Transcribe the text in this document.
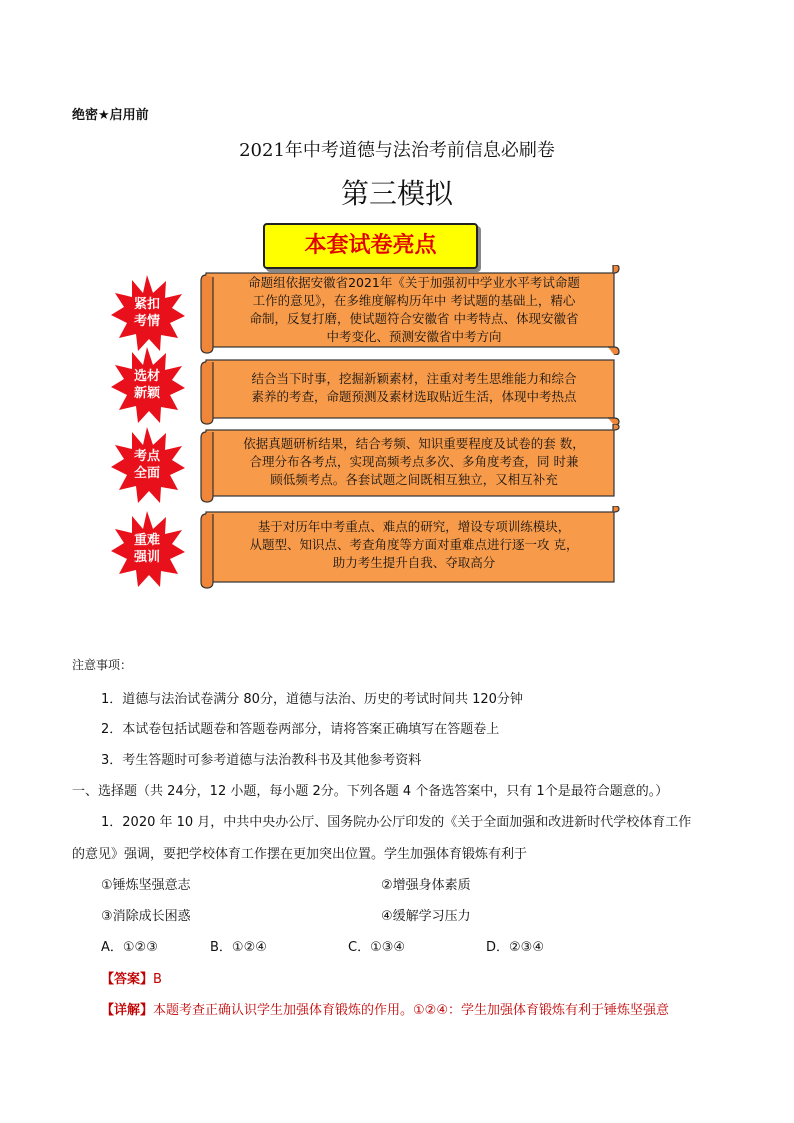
绝密★启用前
2021年中考道德与法治考前信息必刷卷
第三模拟
本套试卷亮点
紧扣
考情
命题组依据安徽省2021年《关于加强初中学业水平考试命题
工作的意见》，在多维度解构历年中 考试题的基础上，精心
命制，反复打磨，使试题符合安徽省 中考特点、体现安徽省
中考变化、预测安徽省中考方向
选材
新颖
结合当下时事，挖掘新颖素材，注重对考生思维能力和综合
素养的考查，命题预测及素材选取贴近生活，体现中考热点
考点
全面
依据真题研析结果，结合考频、知识重要程度及试卷的套 数，
合理分布各考点，实现高频考点多次、多角度考查，同 时兼
顾低频考点。各套试题之间既相互独立，又相互补充
重难
强训
基于对历年中考重点、难点的研究，增设专项训练模块，
从题型、知识点、考查角度等方面对重难点进行逐一攻 克，
助力考生提升自我、夺取高分
注意事项：
1．道德与法治试卷满分 80分，道德与法治、历史的考试时间共 120分钟
2．本试卷包括试题卷和答题卷两部分，请将答案正确填写在答题卷上
3．考生答题时可参考道德与法治教科书及其他参考资料
一、选择题（共 24分，12 小题，每小题 2分。下列各题 4 个备选答案中，只有 1个是最符合题意的。）
1．2020 年 10 月，中共中央办公厅、国务院办公厅印发的《关于全面加强和改进新时代学校体育工作
的意见》强调，要把学校体育工作摆在更加突出位置。学生加强体育锻炼有利于
①锤炼坚强意志	②增强身体素质
③消除成长困惑	④缓解学习压力
A．①②③	B．①②④	C．①③④	D．②③④
【答案】B
【详解】本题考查正确认识学生加强体育锻炼的作用。①②④：学生加强体育锻炼有利于锤炼坚强意
